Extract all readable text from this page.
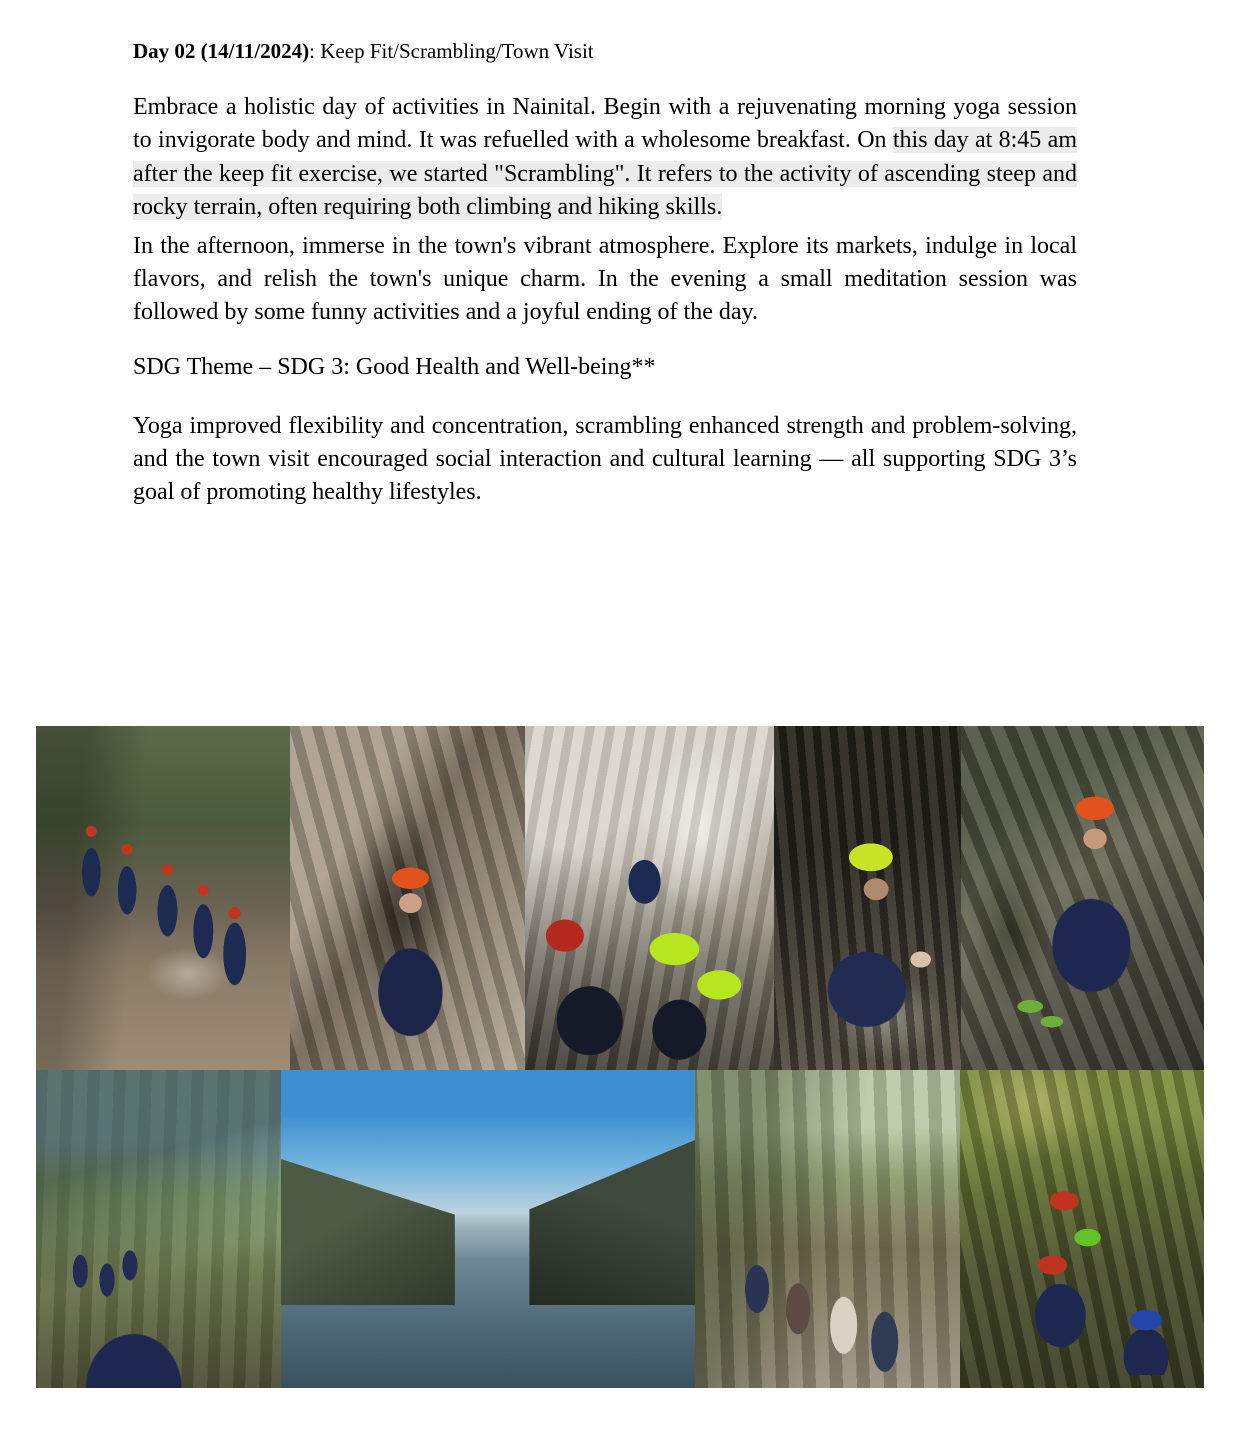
Day 02 (14/11/2024): Keep Fit/Scrambling/Town Visit

Embrace a holistic day of activities in Nainital. Begin with a rejuvenating morning yoga session to invigorate body and mind. It was refuelled with a wholesome breakfast. On this day at 8:45 am after the keep fit exercise, we started "Scrambling". It refers to the activity of ascending steep and rocky terrain, often requiring both climbing and hiking skills.

In the afternoon, immerse in the town's vibrant atmosphere. Explore its markets, indulge in local flavors, and relish the town's unique charm. In the evening a small meditation session was followed by some funny activities and a joyful ending of the day.

SDG Theme – SDG 3: Good Health and Well-being**

Yoga improved flexibility and concentration, scrambling enhanced strength and problem-solving, and the town visit encouraged social interaction and cultural learning — all supporting SDG 3’s goal of promoting healthy lifestyles.
